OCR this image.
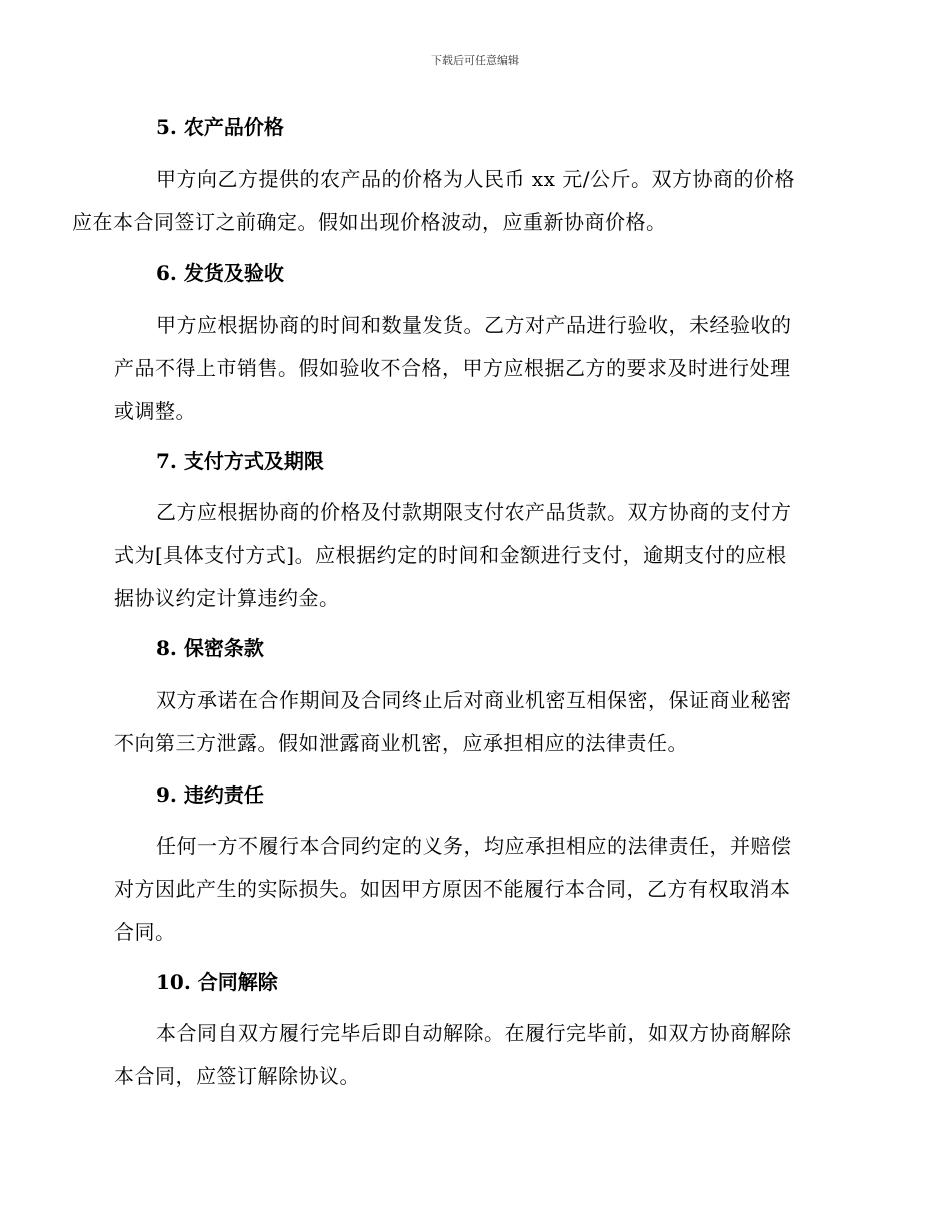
下载后可任意编辑
5. 农产品价格
甲方向乙方提供的农产品的价格为人民币 xx 元/公斤。双方协商的价格
应在本合同签订之前确定。假如出现价格波动，应重新协商价格。
6. 发货及验收
甲方应根据协商的时间和数量发货。乙方对产品进行验收，未经验收的
产品不得上市销售。假如验收不合格，甲方应根据乙方的要求及时进行处理
或调整。
7. 支付方式及期限
乙方应根据协商的价格及付款期限支付农产品货款。双方协商的支付方
式为[具体支付方式]。应根据约定的时间和金额进行支付，逾期支付的应根
据协议约定计算违约金。
8. 保密条款
双方承诺在合作期间及合同终止后对商业机密互相保密，保证商业秘密
不向第三方泄露。假如泄露商业机密，应承担相应的法律责任。
9. 违约责任
任何一方不履行本合同约定的义务，均应承担相应的法律责任，并赔偿
对方因此产生的实际损失。如因甲方原因不能履行本合同，乙方有权取消本
合同。
10. 合同解除
本合同自双方履行完毕后即自动解除。在履行完毕前，如双方协商解除
本合同，应签订解除协议。
